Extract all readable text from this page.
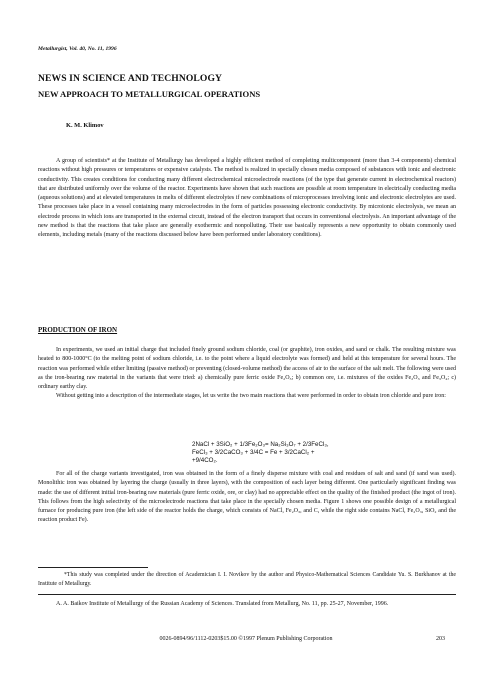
Metallurgist, Vol. 40, No. 11, 1996
NEWS IN SCIENCE AND TECHNOLOGY
NEW APPROACH TO METALLURGICAL OPERATIONS
K. M. Klimov

A group of scientists* at the Institute of Metallurgy has developed a highly efficient method of completing multicomponent (more than 3-4 components) chemical reactions without high pressures or temperatures or expensive catalysts. The method is realized in specially chosen media composed of substances with ionic and electronic conductivity. This creates conditions for conducting many different electrochemical microelectrode reactions (of the type that generate current in electrochemical reactors) that are distributed uniformly over the volume of the reactor. Experiments have shown that such reactions are possible at room temperature in electrically conducting media (aqueous solutions) and at elevated temperatures in melts of different electrolytes if new combinations of microprocesses involving ionic and electronic electrolytes are used. These processes take place in a vessel containing many microelectrodes in the form of particles possessing electronic conductivity. By microionic electrolysis, we mean an electrode process in which ions are transported in the external circuit, instead of the electron transport that occurs in conventional electrolysis. An important advantage of the new method is that the reactions that take place are generally exothermic and nonpolluting. Their use basically represents a new opportunity to obtain commonly used elements, including metals (many of the reactions discussed below have been performed under laboratory conditions).

PRODUCTION OF IRON

In experiments, we used an initial charge that included finely ground sodium chloride, coal (or graphite), iron oxides, and sand or chalk. The resulting mixture was heated to 800-1000°C (to the melting point of sodium chloride, i.e. to the point where a liquid electrolyte was formed) and held at this temperature for several hours. The reaction was performed while either limiting (passive method) or preventing (closed-volume method) the access of air to the surface of the salt melt. The following were used as the iron-bearing raw material in the variants that were tried: a) chemically pure ferric oxide Fe₂O₃; b) common ore, i.e. mixtures of the oxides Fe₂O₃ and Fe₃O₄; c) ordinary earthy clay.

Without getting into a description of the intermediate stages, let us write the two main reactions that were performed in order to obtain iron chloride and pure iron:

2NaCl + 3SiO₂ + 1/3Fe₂O₃= Na₂Si₃O₇ + 2/3FeCl₃,
FeCl₃ + 3/2CaCO₃ + 3/4C = Fe + 3/2CaCl₂ +
+9/4CO₂.

For all of the charge variants investigated, iron was obtained in the form of a finely disperse mixture with coal and residues of salt and sand (if sand was used). Monolithic iron was obtained by layering the charge (usually in three layers), with the composition of each layer being different. One particularly significant finding was made: the use of different initial iron-bearing raw materials (pure ferric oxide, ore, or clay) had no appreciable effect on the quality of the finished product (the ingot of iron). This follows from the high selectivity of the microelectrode reactions that take place in the specially chosen media. Figure 1 shows one possible design of a metallurgical furnace for producing pure iron (the left side of the reactor holds the charge, which consists of NaCl, Fe₂O₃, and C, while the right side contains NaCl, Fe₂O₃, SiO₂ and the reaction product Fe).

*This study was completed under the direction of Academician I. I. Novikov by the author and Physico-Mathematical Sciences Candidate Yu. S. Burkhanov at the Institute of Metallurgy.

A. A. Baikov Institute of Metallurgy of the Russian Academy of Sciences. Translated from Metallurg, No. 11, pp. 25-27, November, 1996.

0026-0894/96/1112-0203$15.00 ©1997 Plenum Publishing Corporation	203
